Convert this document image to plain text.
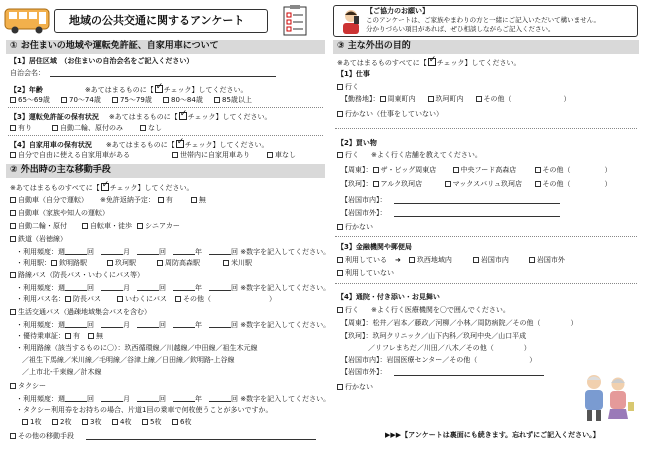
地域の公共交通に関するアンケート
【ご協力のお願い】
このアンケートは、ご家族やまわりの方と一緒にご記入いただいて構いません。
分かりづらい項目があれば、ぜひ相談しながらご記入ください。
① お住まいの地域や運転免許証、自家用車について
【1】居住区域　（お住まいの自治会名をご記入ください）
自治会名：
【2】年齢	※あてはまるものに【 ✓ チェック】してください。
65～69歳	70～74歳	75～79歳	80～84歳	85歳以上
【3】運転免許証の保有状況 ※あてはまるものに【 ✓ チェック】してください。
有り	自動二輪、原付のみ	なし
【4】自家用車の保有状況 ※あてはまるものに【 ✓ チェック】してください。
自分で自由に使える自家用車がある	世帯内に自家用車あり	車なし
② 外出時の主な移動手段
※あてはまるものすべてに【 ✓ チェック】してください。
自動車（自分で運転） ※免許返納予定： 有	無
自動車（家族や知人の運転）
自動二輪・原付	自転車・徒歩 シニアカー
鉄道（岩徳線）
・利用頻度：週	回　	月　	回　	年　	回 ※数字を記入してください。
・利用駅： 欽明路駅	玖珂駅	周防高森駅	米川駅
路線バス（防長バス・いわくにバス等）
・利用頻度：週	回　	月　	回　	年　	回 ※数字を記入してください。
・利用バス名： 防長バス	いわくにバス その他（	）
生活交通バス（過疎地域集会バスを含む）
・利用頻度：週	回　	月　	回　	年　	回 ※数字を記入してください。
・優待乗車証： 有 無
・利用路線（該当するものに〇）：玖西循環線／川越線／中田線／祖生木元線
／祖生下馬線／米川線／毛明線／谷津上線／日田線／欽明路-上谷線
／上市北-千束線／計木線
タクシー
・利用頻度：週	回　	月　	回　	年　	回 ※数字を記入してください。
・タクシー利用券をお持ちの場合、片道1回の乗車で何枚使うことが多いですか。
1枚	2枚	3枚	4枚	5枚	6枚
その他の移動手段
③ 主な外出の目的
※あてはまるものすべてに【 ✓ チェック】してください。
【1】仕事
行く
【勤務地】： 周東町内	玖珂町内	その他（	）
行かない（仕事をしていない）
【2】買い物
行く ※よく行く店舗を教えてください。
【周東】： ザ・ビッグ周東店	中央フード高森店	その他（	）
【玖珂】： アルク玖珂店	マックスバリュ玖珂店	その他（	）
【岩国市内】：
【岩国市外】：
行かない
【3】金融機関や郵便局
利用している ➜ 玖西地域内	岩国市内	岩国市外
利用していない
【4】通院・付き添い・お見舞い
行く ※よく行く医療機関を〇で囲んでください。
【周東】：松井／岩本／藤政／河柳／小林／周防病院／その他（	）
【玖珂】：玖珂クリニック／山下内科／玖珂中央／山口平成
／リフレまちだ／川田／八木／その他（	）
【岩国市内】：岩国医療センター／その他（	）
【岩国市外】：
行かない
▶▶▶【アンケートは裏面にも続きます。忘れずにご記入ください。】
